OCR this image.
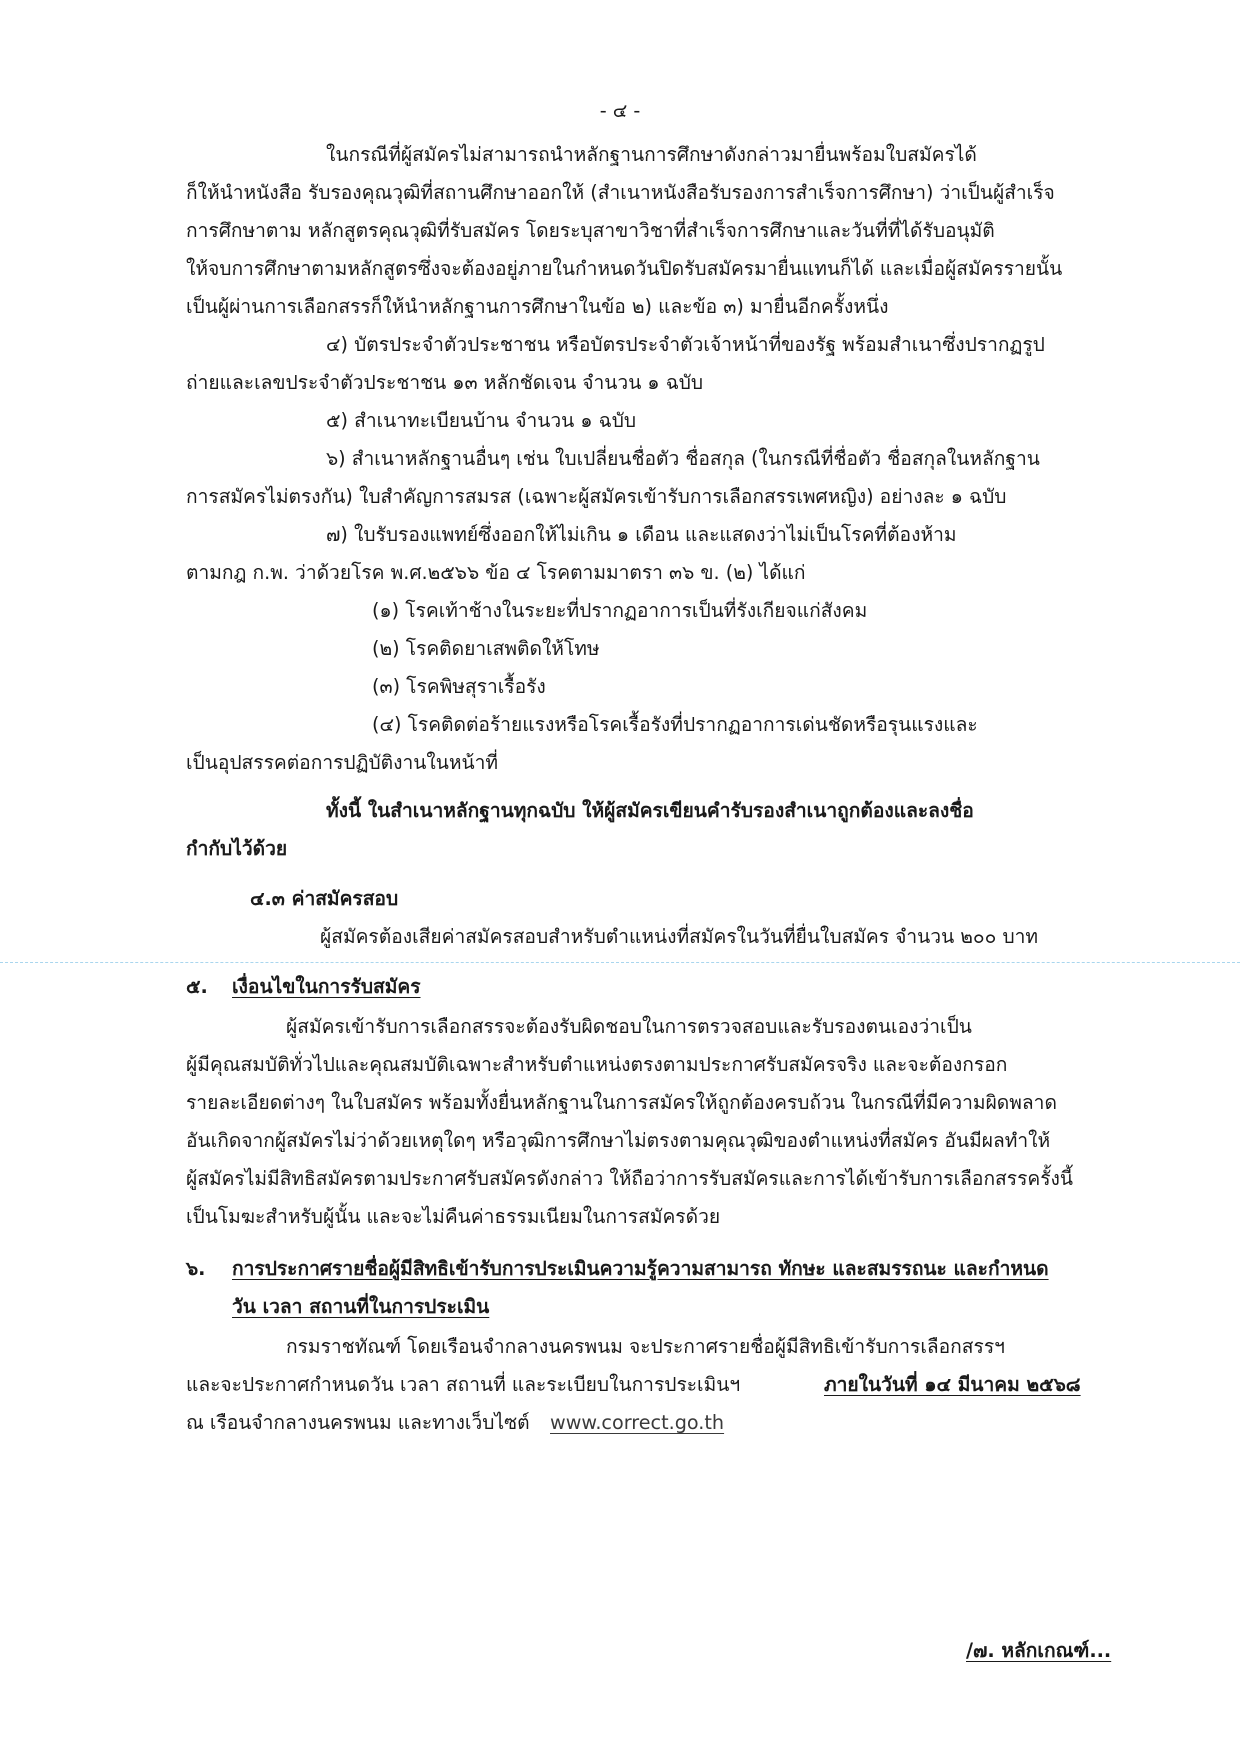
- ๔ -
ในกรณีที่ผู้สมัครไม่สามารถนำหลักฐานการศึกษาดังกล่าวมายื่นพร้อมใบสมัครได้
ก็ให้นำหนังสือ รับรองคุณวุฒิที่สถานศึกษาออกให้ (สำเนาหนังสือรับรองการสำเร็จการศึกษา) ว่าเป็นผู้สำเร็จ
การศึกษาตาม หลักสูตรคุณวุฒิที่รับสมัคร โดยระบุสาขาวิชาที่สำเร็จการศึกษาและวันที่ที่ได้รับอนุมัติ
ให้จบการศึกษาตามหลักสูตรซึ่งจะต้องอยู่ภายในกำหนดวันปิดรับสมัครมายื่นแทนก็ได้ และเมื่อผู้สมัครรายนั้น
เป็นผู้ผ่านการเลือกสรรก็ให้นำหลักฐานการศึกษาในข้อ ๒) และข้อ ๓) มายื่นอีกครั้งหนึ่ง
๔) บัตรประจำตัวประชาชน หรือบัตรประจำตัวเจ้าหน้าที่ของรัฐ พร้อมสำเนาซึ่งปรากฏรูป
ถ่ายและเลขประจำตัวประชาชน ๑๓ หลักชัดเจน จำนวน ๑ ฉบับ
๕) สำเนาทะเบียนบ้าน จำนวน ๑ ฉบับ
๖) สำเนาหลักฐานอื่นๆ เช่น ใบเปลี่ยนชื่อตัว ชื่อสกุล (ในกรณีที่ชื่อตัว ชื่อสกุลในหลักฐาน
การสมัครไม่ตรงกัน) ใบสำคัญการสมรส (เฉพาะผู้สมัครเข้ารับการเลือกสรรเพศหญิง) อย่างละ ๑ ฉบับ
๗) ใบรับรองแพทย์ซึ่งออกให้ไม่เกิน ๑ เดือน และแสดงว่าไม่เป็นโรคที่ต้องห้าม
ตามกฎ ก.พ. ว่าด้วยโรค พ.ศ.๒๕๖๖ ข้อ ๔ โรคตามมาตรา ๓๖ ข. (๒) ได้แก่
(๑) โรคเท้าช้างในระยะที่ปรากฏอาการเป็นที่รังเกียจแก่สังคม
(๒) โรคติดยาเสพติดให้โทษ
(๓) โรคพิษสุราเรื้อรัง
(๔) โรคติดต่อร้ายแรงหรือโรคเรื้อรังที่ปรากฏอาการเด่นชัดหรือรุนแรงและ
เป็นอุปสรรคต่อการปฏิบัติงานในหน้าที่
ทั้งนี้ ในสำเนาหลักฐานทุกฉบับ ให้ผู้สมัครเขียนคำรับรองสำเนาถูกต้องและลงชื่อ
กำกับไว้ด้วย
๔.๓ ค่าสมัครสอบ
ผู้สมัครต้องเสียค่าสมัครสอบสำหรับตำแหน่งที่สมัครในวันที่ยื่นใบสมัคร จำนวน ๒๐๐ บาท
๕. เงื่อนไขในการรับสมัคร
ผู้สมัครเข้ารับการเลือกสรรจะต้องรับผิดชอบในการตรวจสอบและรับรองตนเองว่าเป็น
ผู้มีคุณสมบัติทั่วไปและคุณสมบัติเฉพาะสำหรับตำแหน่งตรงตามประกาศรับสมัครจริง และจะต้องกรอก
รายละเอียดต่างๆ ในใบสมัคร พร้อมทั้งยื่นหลักฐานในการสมัครให้ถูกต้องครบถ้วน ในกรณีที่มีความผิดพลาด
อันเกิดจากผู้สมัครไม่ว่าด้วยเหตุใดๆ หรือวุฒิการศึกษาไม่ตรงตามคุณวุฒิของตำแหน่งที่สมัคร อันมีผลทำให้
ผู้สมัครไม่มีสิทธิสมัครตามประกาศรับสมัครดังกล่าว ให้ถือว่าการรับสมัครและการได้เข้ารับการเลือกสรรครั้งนี้
เป็นโมฆะสำหรับผู้นั้น และจะไม่คืนค่าธรรมเนียมในการสมัครด้วย
๖. การประกาศรายชื่อผู้มีสิทธิเข้ารับการประเมินความรู้ความสามารถ ทักษะ และสมรรถนะ และกำหนด
วัน เวลา สถานที่ในการประเมิน
กรมราชทัณฑ์ โดยเรือนจำกลางนครพนม จะประกาศรายชื่อผู้มีสิทธิเข้ารับการเลือกสรรฯ
และจะประกาศกำหนดวัน เวลา สถานที่ และระเบียบในการประเมินฯ	ภายในวันที่ ๑๔ มีนาคม ๒๕๖๘
ณ เรือนจำกลางนครพนม และทางเว็บไซต์ www.correct.go.th
/๗. หลักเกณฑ์...
